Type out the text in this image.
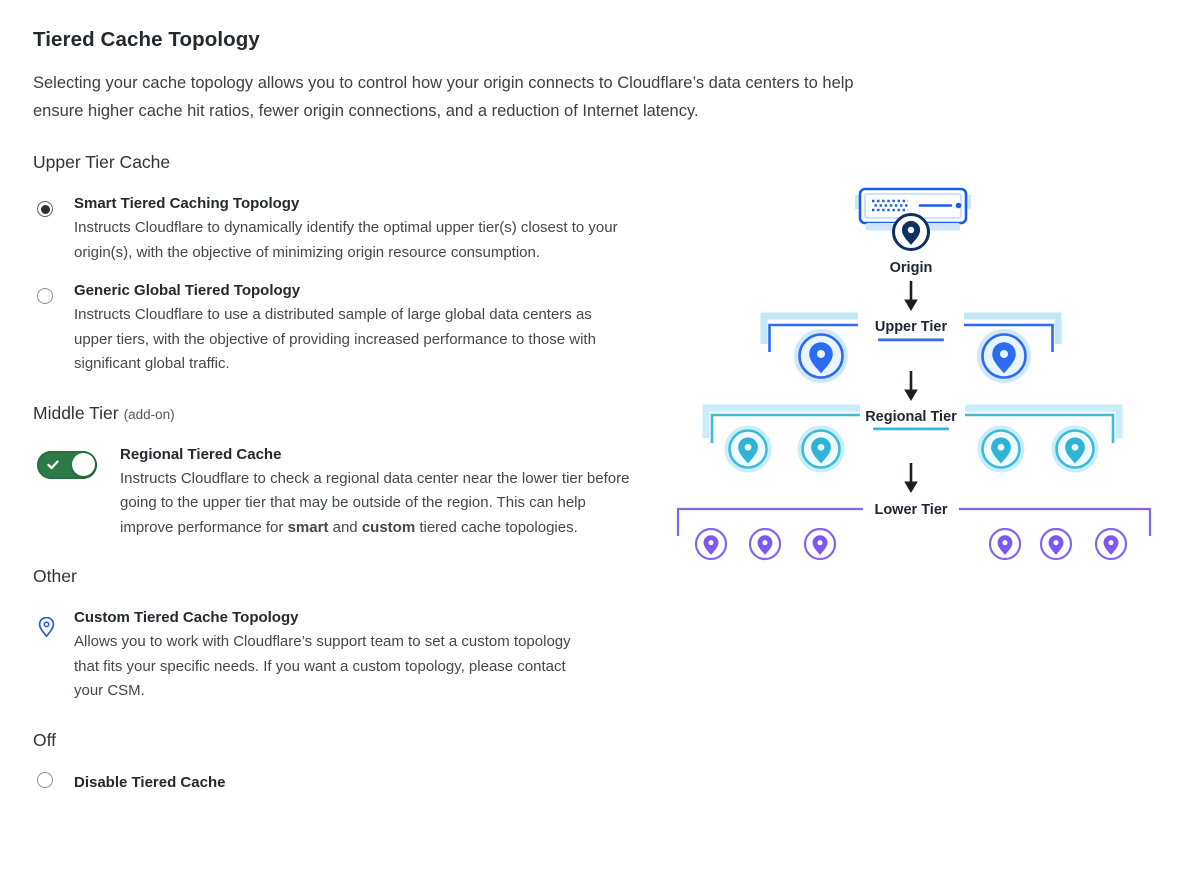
Tiered Cache Topology

Selecting your cache topology allows you to control how your origin connects to Cloudflare’s data centers to help ensure higher cache hit ratios, fewer origin connections, and a reduction of Internet latency.

Upper Tier Cache
Smart Tiered Caching Topology
Instructs Cloudflare to dynamically identify the optimal upper tier(s) closest to your origin(s), with the objective of minimizing origin resource consumption.
Generic Global Tiered Topology
Instructs Cloudflare to use a distributed sample of large global data centers as upper tiers, with the objective of providing increased performance to those with significant global traffic.
Middle Tier (add-on)
Regional Tiered Cache
Instructs Cloudflare to check a regional data center near the lower tier before going to the upper tier that may be outside of the region. This can help improve performance for smart and custom tiered cache topologies.
Other
Custom Tiered Cache Topology
Allows you to work with Cloudflare’s support team to set a custom topology that fits your specific needs. If you want a custom topology, please contact your CSM.
Off
Disable Tiered Cache
Origin
Upper Tier
Regional Tier
Lower Tier
